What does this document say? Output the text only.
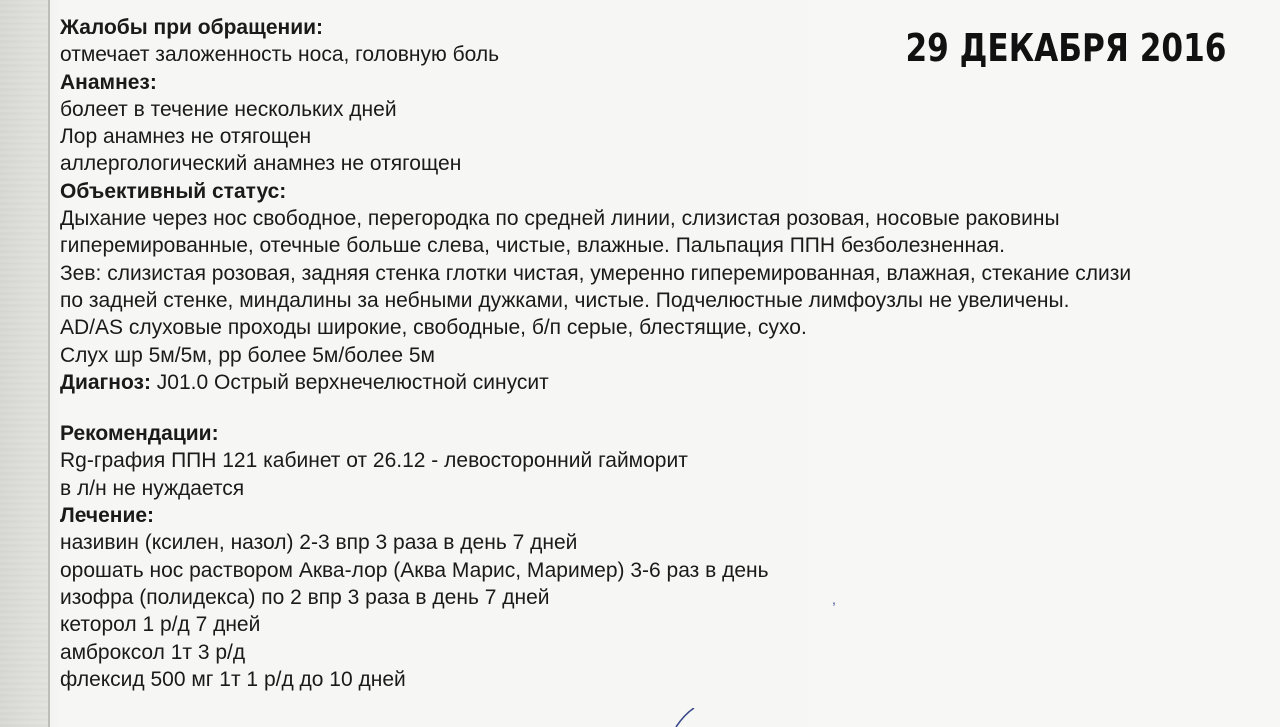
29 ДЕКАБРЯ 2016
Жалобы при обращении:
отмечает заложенность носа, головную боль
Анамнез:
болеет в течение нескольких дней
Лор анамнез не отягощен
аллергологический анамнез не отягощен
Объективный статус:
Дыхание через нос свободное, перегородка по средней линии, слизистая розовая, носовые раковины
гиперемированные, отечные больше слева, чистые, влажные. Пальпация ППН безболезненная.
Зев: слизистая розовая, задняя стенка глотки чистая, умеренно гиперемированная, влажная, стекание слизи
по задней стенке, миндалины за небными дужками, чистые. Подчелюстные лимфоузлы не увеличены.
AD/AS слуховые проходы широкие, свободные, б/п серые, блестящие, сухо.
Слух шр 5м/5м, рр более 5м/более 5м
Диагноз: J01.0 Острый верхнечелюстной синусит
Рекомендации:
Rg-графия ППН 121 кабинет от 26.12 - левосторонний гайморит
в л/н не нуждается
Лечение:
називин (ксилен, назол) 2-3 впр 3 раза в день 7 дней
орошать нос раствором Аква-лор (Аква Марис, Маример) 3-6 раз в день
изофра (полидекса) по 2 впр 3 раза в день 7 дней
кеторол 1 р/д 7 дней
амброксол 1т 3 р/д
флексид 500 мг 1т 1 р/д до 10 дней
,
